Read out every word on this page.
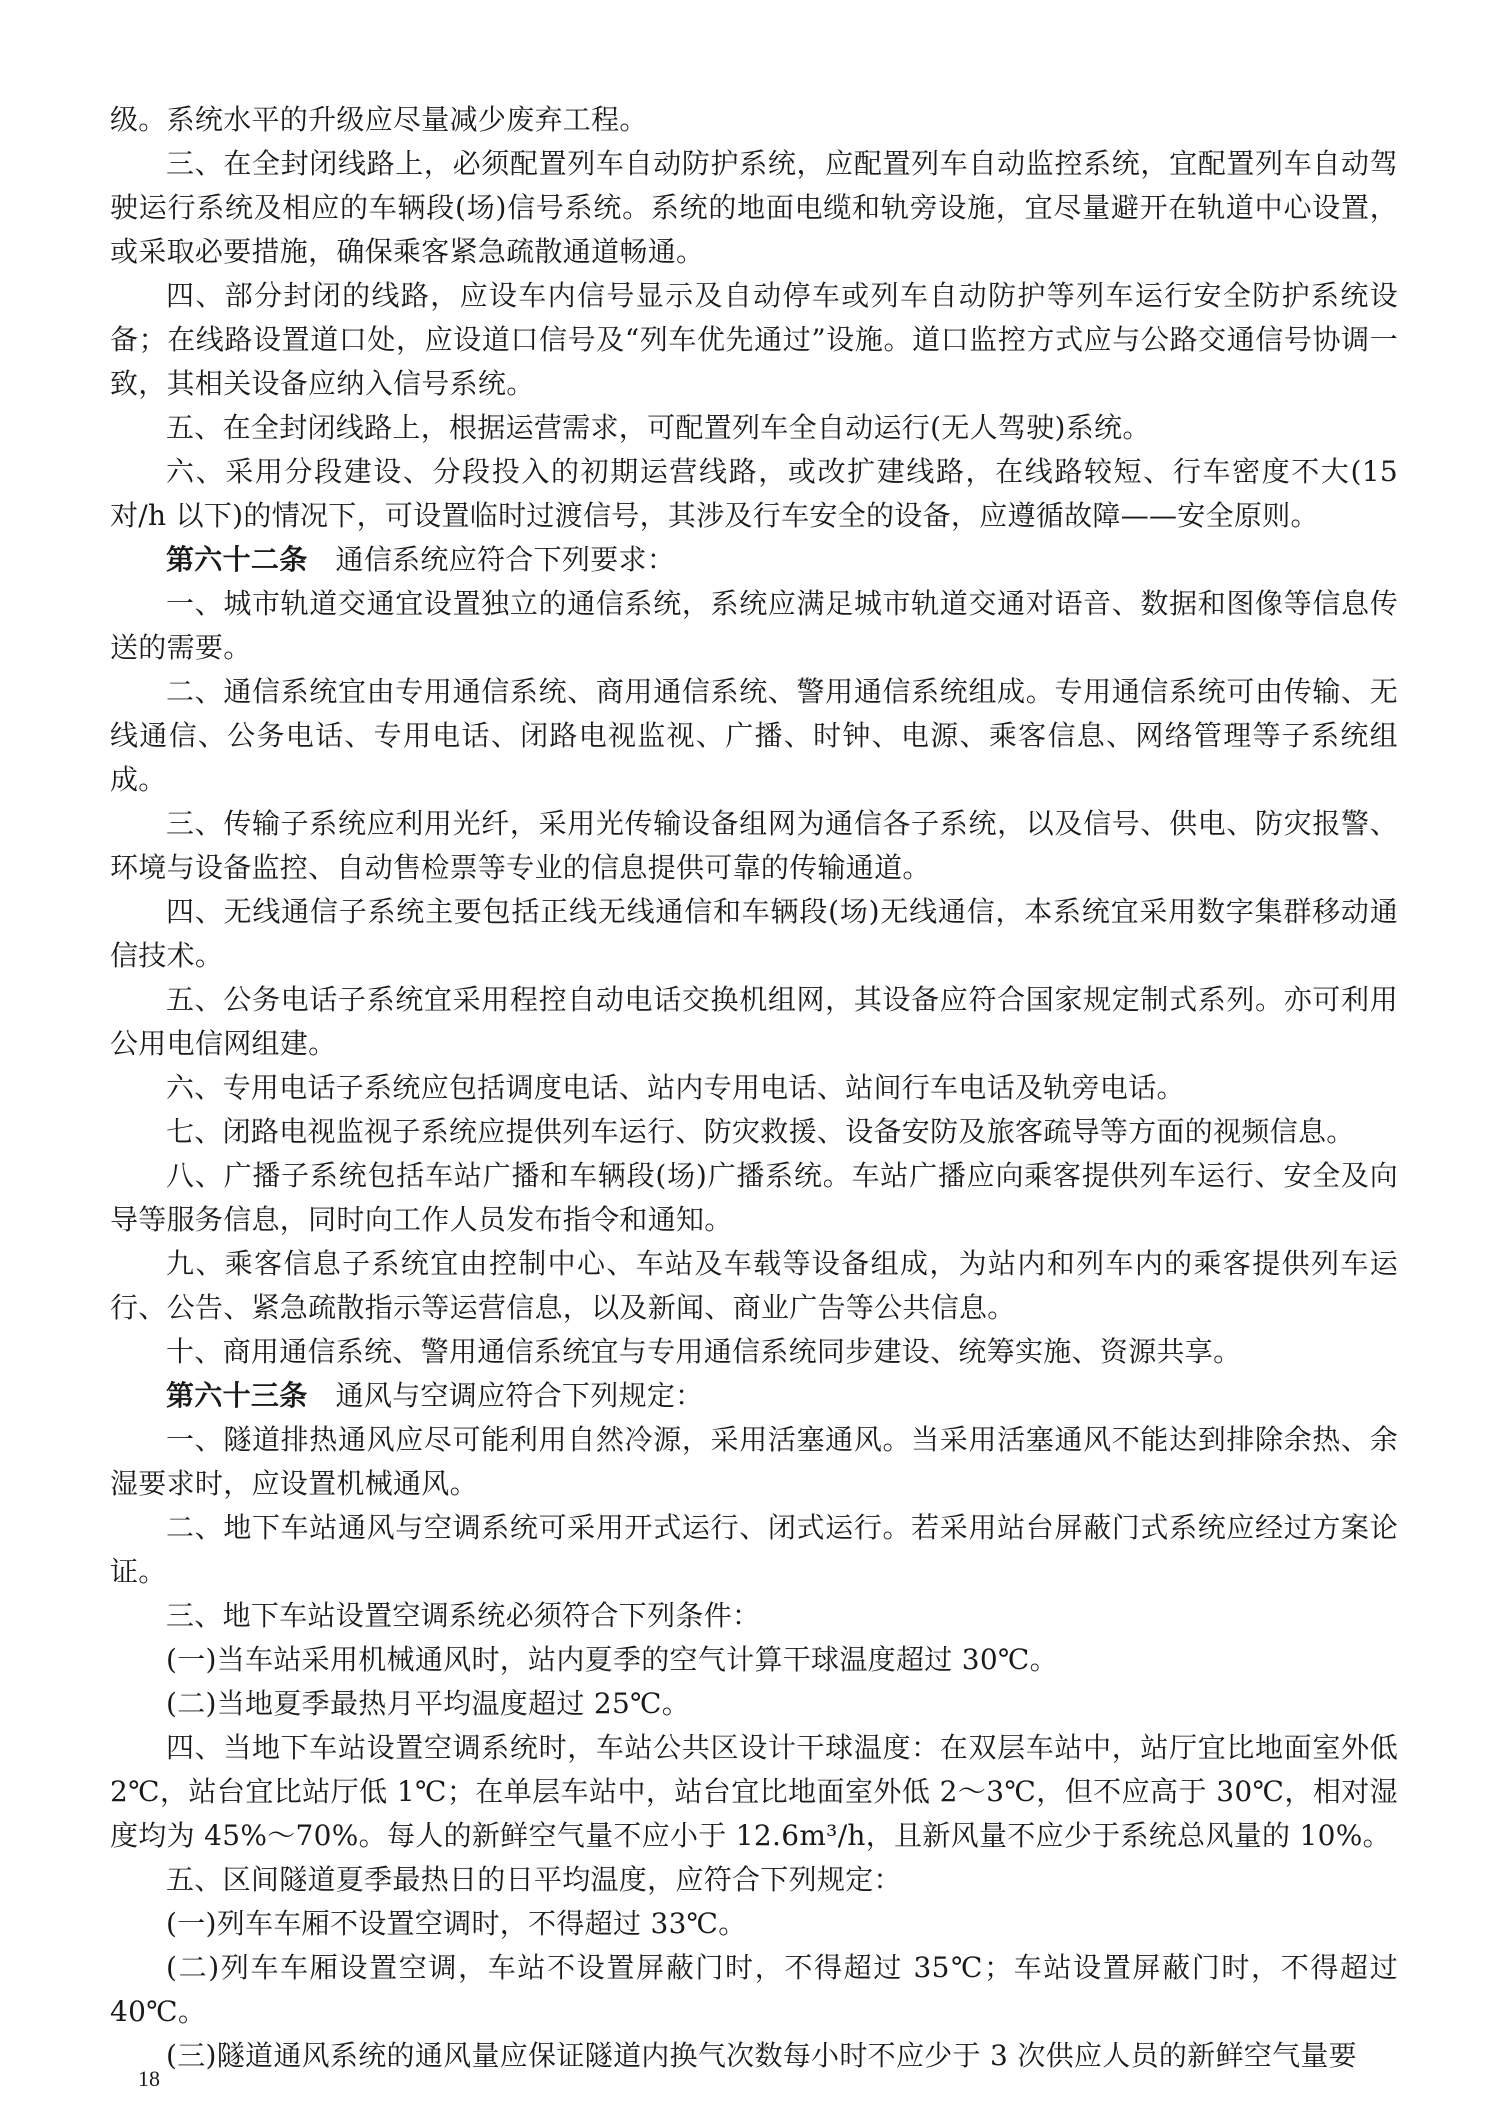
级。系统水平的升级应尽量减少废弃工程。

三、在全封闭线路上，必须配置列车自动防护系统，应配置列车自动监控系统，宜配置列车自动驾驶运行系统及相应的车辆段(场)信号系统。系统的地面电缆和轨旁设施，宜尽量避开在轨道中心设置，或采取必要措施，确保乘客紧急疏散通道畅通。

四、部分封闭的线路，应设车内信号显示及自动停车或列车自动防护等列车运行安全防护系统设备；在线路设置道口处，应设道口信号及“列车优先通过”设施。道口监控方式应与公路交通信号协调一致，其相关设备应纳入信号系统。

五、在全封闭线路上，根据运营需求，可配置列车全自动运行(无人驾驶)系统。

六、采用分段建设、分段投入的初期运营线路，或改扩建线路，在线路较短、行车密度不大(15 对/h 以下)的情况下，可设置临时过渡信号，其涉及行车安全的设备，应遵循故障——安全原则。

第六十二条 通信系统应符合下列要求：

一、城市轨道交通宜设置独立的通信系统，系统应满足城市轨道交通对语音、数据和图像等信息传送的需要。

二、通信系统宜由专用通信系统、商用通信系统、警用通信系统组成。专用通信系统可由传输、无线通信、公务电话、专用电话、闭路电视监视、广播、时钟、电源、乘客信息、网络管理等子系统组成。

三、传输子系统应利用光纤，采用光传输设备组网为通信各子系统，以及信号、供电、防灾报警、环境与设备监控、自动售检票等专业的信息提供可靠的传输通道。

四、无线通信子系统主要包括正线无线通信和车辆段(场)无线通信，本系统宜采用数字集群移动通信技术。

五、公务电话子系统宜采用程控自动电话交换机组网，其设备应符合国家规定制式系列。亦可利用公用电信网组建。

六、专用电话子系统应包括调度电话、站内专用电话、站间行车电话及轨旁电话。

七、闭路电视监视子系统应提供列车运行、防灾救援、设备安防及旅客疏导等方面的视频信息。

八、广播子系统包括车站广播和车辆段(场)广播系统。车站广播应向乘客提供列车运行、安全及向导等服务信息，同时向工作人员发布指令和通知。

九、乘客信息子系统宜由控制中心、车站及车载等设备组成，为站内和列车内的乘客提供列车运行、公告、紧急疏散指示等运营信息，以及新闻、商业广告等公共信息。

十、商用通信系统、警用通信系统宜与专用通信系统同步建设、统筹实施、资源共享。

第六十三条 通风与空调应符合下列规定：

一、隧道排热通风应尽可能利用自然冷源，采用活塞通风。当采用活塞通风不能达到排除余热、余湿要求时，应设置机械通风。

二、地下车站通风与空调系统可采用开式运行、闭式运行。若采用站台屏蔽门式系统应经过方案论证。

三、地下车站设置空调系统必须符合下列条件：

(一)当车站采用机械通风时，站内夏季的空气计算干球温度超过 30℃。

(二)当地夏季最热月平均温度超过 25℃。

四、当地下车站设置空调系统时，车站公共区设计干球温度：在双层车站中，站厅宜比地面室外低 2℃，站台宜比站厅低 1℃；在单层车站中，站台宜比地面室外低 2～3℃，但不应高于 30℃，相对湿度均为 45%～70%。每人的新鲜空气量不应小于 12.6m³/h，且新风量不应少于系统总风量的 10%。

五、区间隧道夏季最热日的日平均温度，应符合下列规定：

(一)列车车厢不设置空调时，不得超过 33℃。

(二)列车车厢设置空调，车站不设置屏蔽门时，不得超过 35℃；车站设置屏蔽门时，不得超过 40℃。

(三)隧道通风系统的通风量应保证隧道内换气次数每小时不应少于 3 次供应人员的新鲜空气量要

18
